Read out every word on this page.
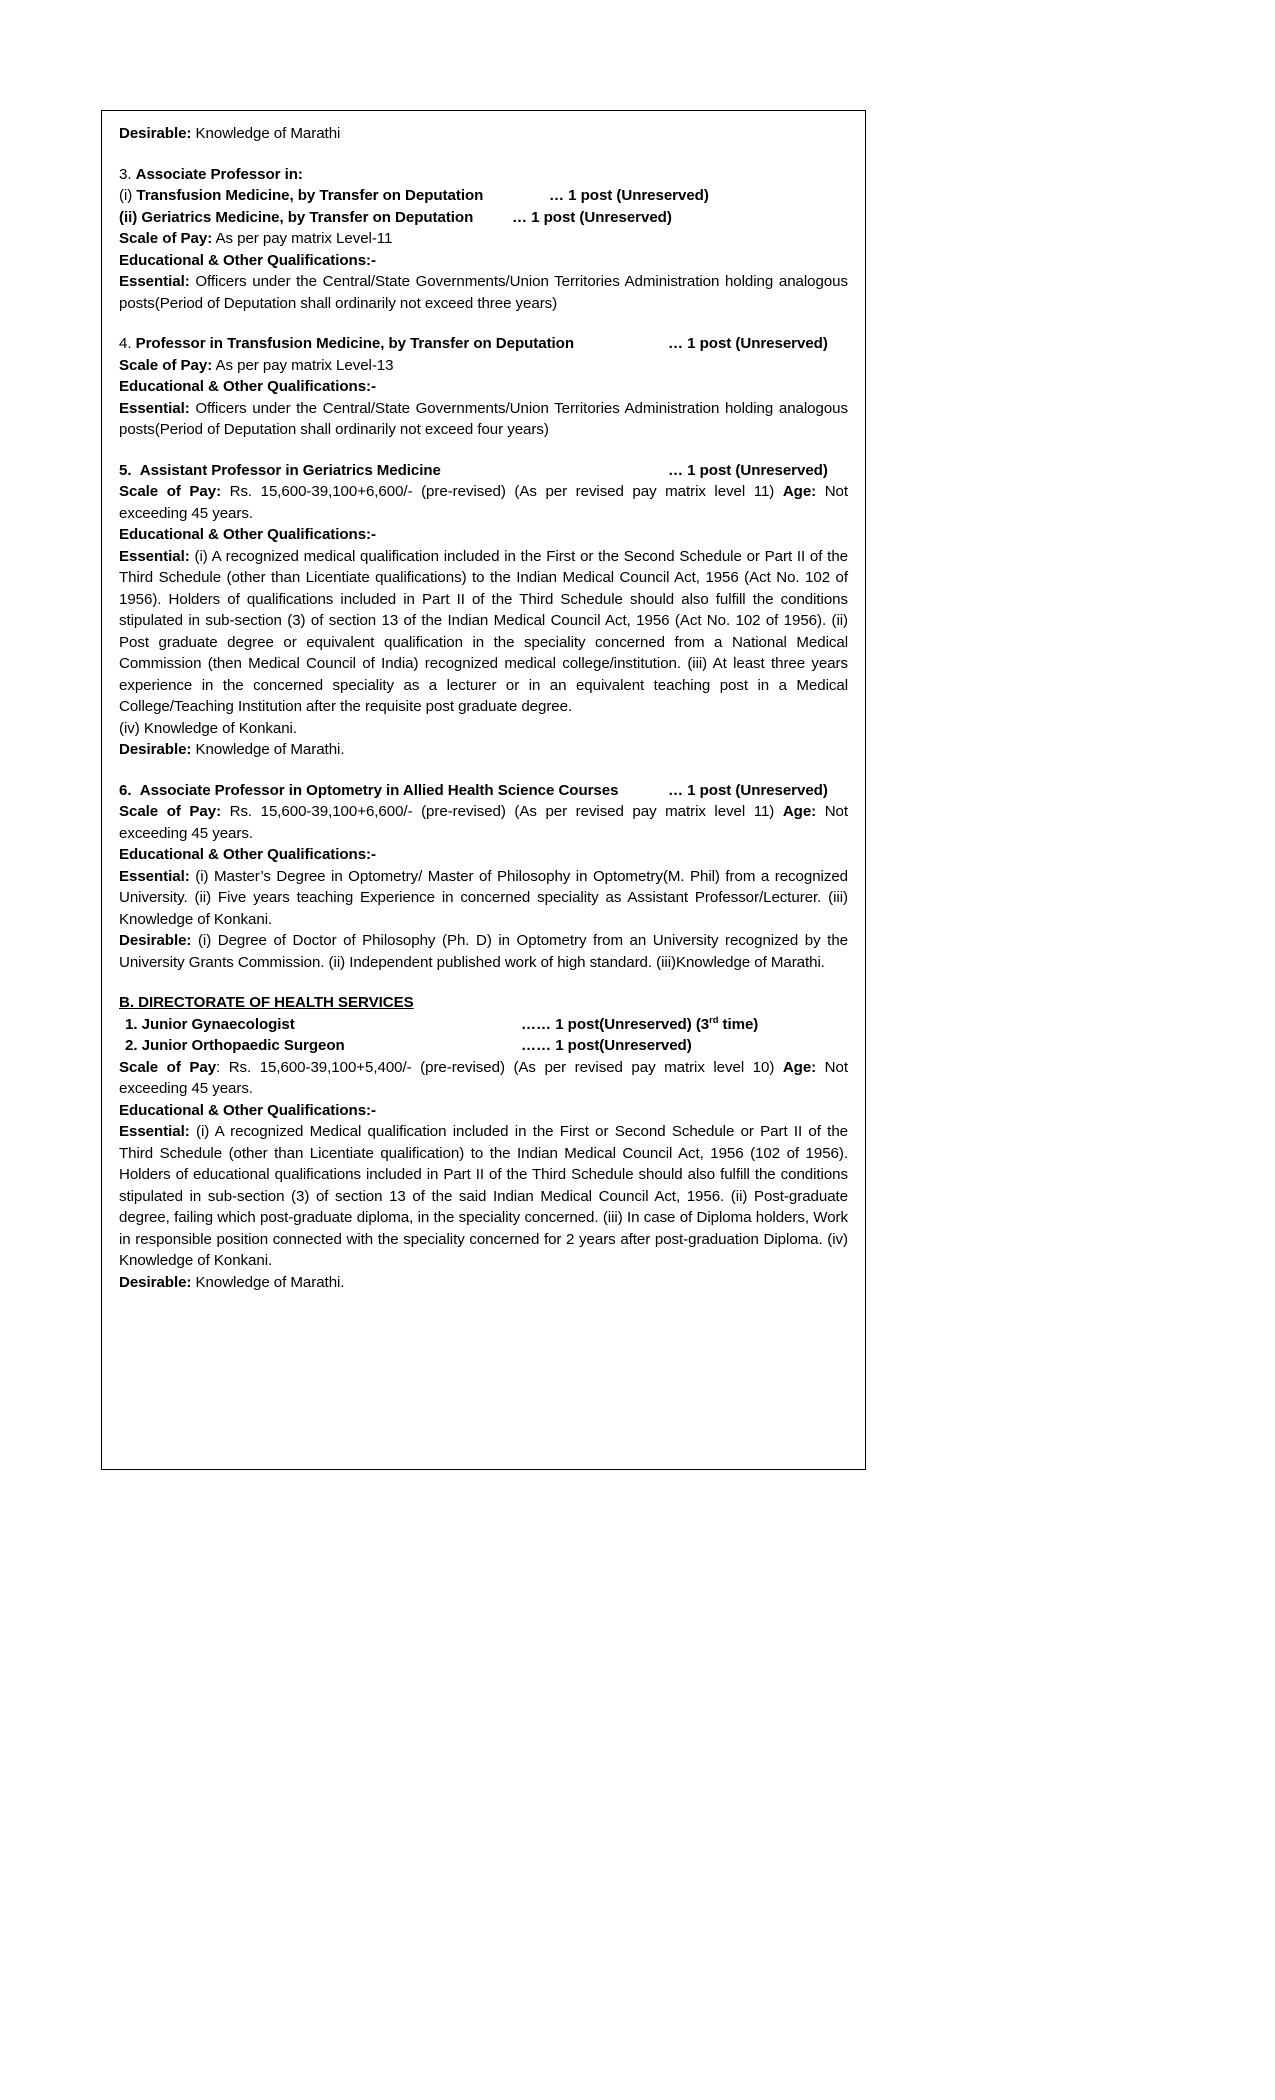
Desirable: Knowledge of Marathi

3. Associate Professor in:

(i) Transfusion Medicine, by Transfer on Deputation	… 1 post (Unreserved)

(ii) Geriatrics Medicine, by Transfer on Deputation	… 1 post (Unreserved)

Scale of Pay: As per pay matrix Level-11

Educational & Other Qualifications:-

Essential: Officers under the Central/State Governments/Union Territories Administration holding analogous posts(Period of Deputation shall ordinarily not exceed three years)

4. Professor in Transfusion Medicine, by Transfer on Deputation	… 1 post (Unreserved)

Scale of Pay: As per pay matrix Level-13

Educational & Other Qualifications:-

Essential: Officers under the Central/State Governments/Union Territories Administration holding analogous posts(Period of Deputation shall ordinarily not exceed four years)

5. Assistant Professor in Geriatrics Medicine	… 1 post (Unreserved)

Scale of Pay: Rs. 15,600-39,100+6,600/- (pre-revised) (As per revised pay matrix level 11) Age: Not exceeding 45 years.

Educational & Other Qualifications:-

Essential: (i) A recognized medical qualification included in the First or the Second Schedule or Part II of the Third Schedule (other than Licentiate qualifications) to the Indian Medical Council Act, 1956 (Act No. 102 of 1956). Holders of qualifications included in Part II of the Third Schedule should also fulfill the conditions stipulated in sub-section (3) of section 13 of the Indian Medical Council Act, 1956 (Act No. 102 of 1956). (ii) Post graduate degree or equivalent qualification in the speciality concerned from a National Medical Commission (then Medical Council of India) recognized medical college/institution. (iii) At least three years experience in the concerned speciality as a lecturer or in an equivalent teaching post in a Medical College/Teaching Institution after the requisite post graduate degree.

(iv) Knowledge of Konkani.

Desirable: Knowledge of Marathi.

6. Associate Professor in Optometry in Allied Health Science Courses	… 1 post (Unreserved)

Scale of Pay: Rs. 15,600-39,100+6,600/- (pre-revised) (As per revised pay matrix level 11) Age: Not exceeding 45 years.

Educational & Other Qualifications:-

Essential: (i) Master’s Degree in Optometry/ Master of Philosophy in Optometry(M. Phil) from a recognized University. (ii) Five years teaching Experience in concerned speciality as Assistant Professor/Lecturer. (iii) Knowledge of Konkani.

Desirable: (i) Degree of Doctor of Philosophy (Ph. D) in Optometry from an University recognized by the University Grants Commission. (ii) Independent published work of high standard. (iii)Knowledge of Marathi.

B. DIRECTORATE OF HEALTH SERVICES

1. Junior Gynaecologist	…… 1 post(Unreserved) (3rd time)

2. Junior Orthopaedic Surgeon	…… 1 post(Unreserved)

Scale of Pay: Rs. 15,600-39,100+5,400/- (pre-revised) (As per revised pay matrix level 10) Age: Not exceeding 45 years.

Educational & Other Qualifications:-

Essential: (i) A recognized Medical qualification included in the First or Second Schedule or Part II of the Third Schedule (other than Licentiate qualification) to the Indian Medical Council Act, 1956 (102 of 1956). Holders of educational qualifications included in Part II of the Third Schedule should also fulfill the conditions stipulated in sub-section (3) of section 13 of the said Indian Medical Council Act, 1956. (ii) Post-graduate degree, failing which post-graduate diploma, in the speciality concerned. (iii) In case of Diploma holders, Work in responsible position connected with the speciality concerned for 2 years after post-graduation Diploma. (iv) Knowledge of Konkani.

Desirable: Knowledge of Marathi.
